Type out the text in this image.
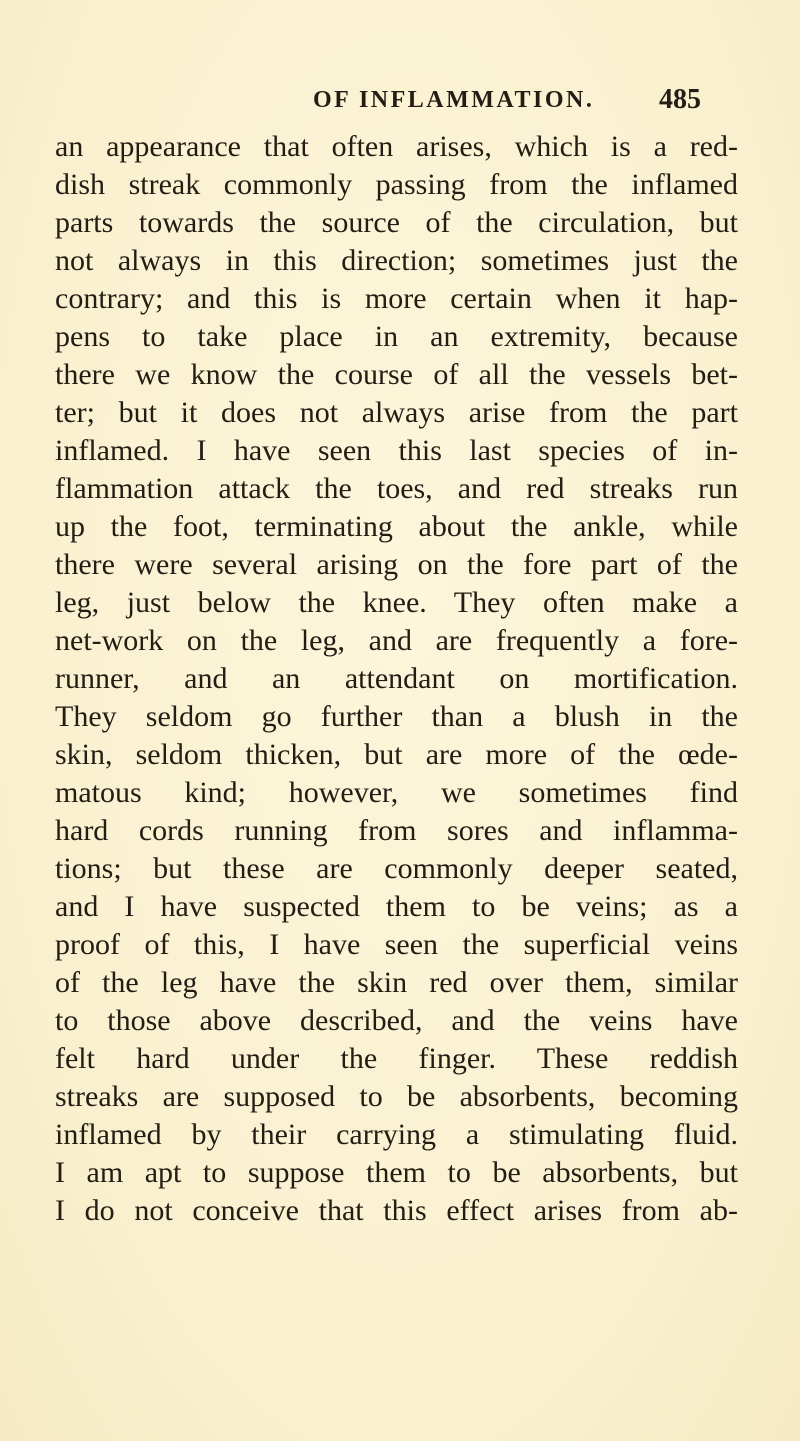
OF INFLAMMATION. 485
an appearance that often arises, which is a red-
dish streak commonly passing from the inflamed
parts towards the source of the circulation, but
not always in this direction; sometimes just the
contrary; and this is more certain when it hap-
pens to take place in an extremity, because
there we know the course of all the vessels bet-
ter; but it does not always arise from the part
inflamed. I have seen this last species of in-
flammation attack the toes, and red streaks run
up the foot, terminating about the ankle, while
there were several arising on the fore part of the
leg, just below the knee. They often make a
net-work on the leg, and are frequently a fore-
runner, and an attendant on mortification.
They seldom go further than a blush in the
skin, seldom thicken, but are more of the œde-
matous kind; however, we sometimes find
hard cords running from sores and inflamma-
tions; but these are commonly deeper seated,
and I have suspected them to be veins; as a
proof of this, I have seen the superficial veins
of the leg have the skin red over them, similar
to those above described, and the veins have
felt hard under the finger. These reddish
streaks are supposed to be absorbents, becoming
inflamed by their carrying a stimulating fluid.
I am apt to suppose them to be absorbents, but
I do not conceive that this effect arises from ab-
